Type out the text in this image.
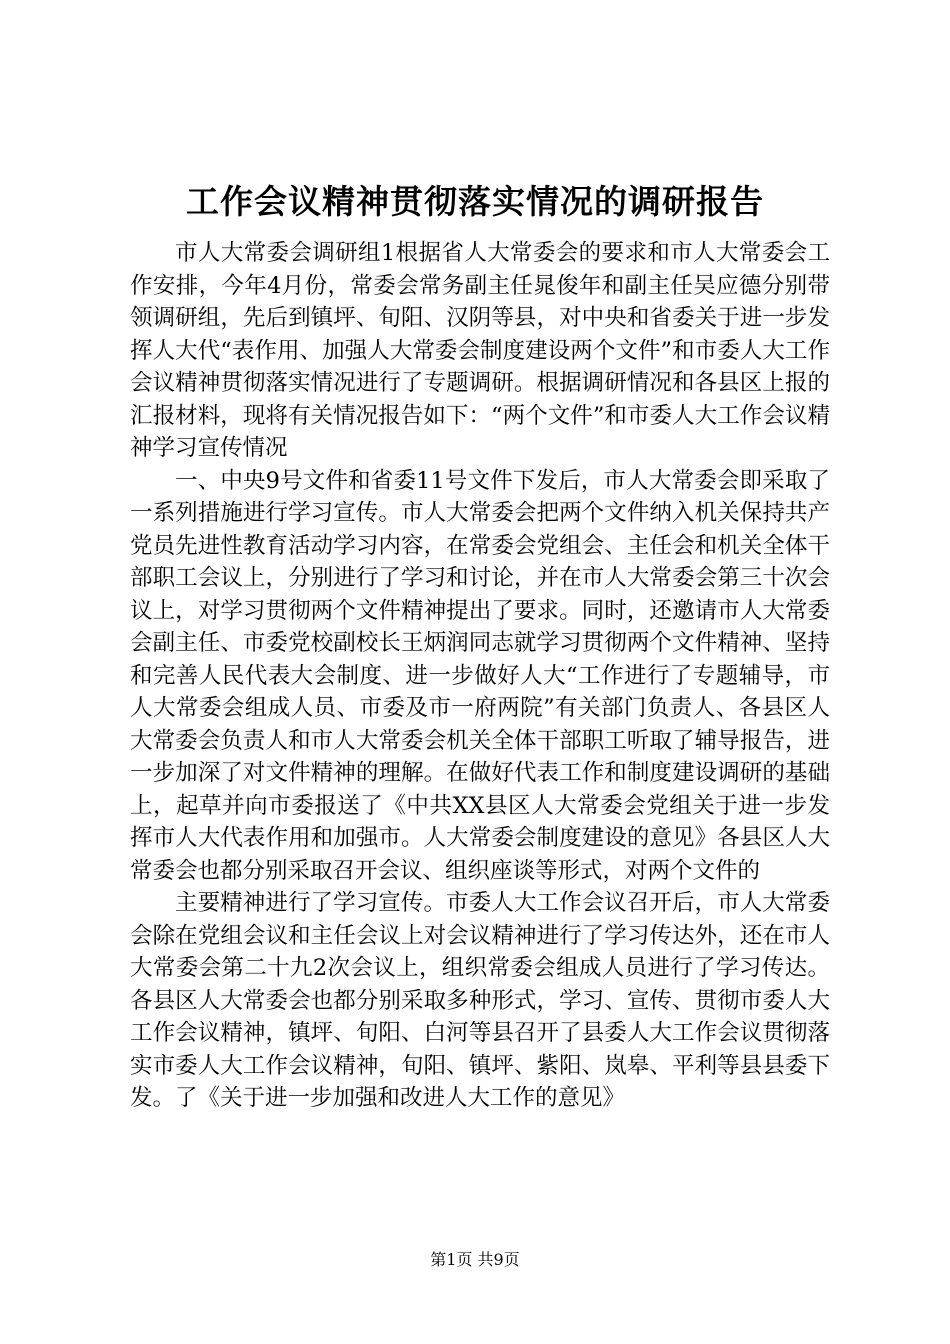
工作会议精神贯彻落实情况的调研报告

市人大常委会调研组1根据省人大常委会的要求和市人大常委会工作安排，今年4月份，常委会常务副主任晁俊年和副主任吴应德分别带领调研组，先后到镇坪、旬阳、汉阴等县，对中央和省委关于进一步发挥人大代“表作用、加强人大常委会制度建设两个文件”和市委人大工作会议精神贯彻落实情况进行了专题调研。根据调研情况和各县区上报的汇报材料，现将有关情况报告如下：“两个文件”和市委人大工作会议精神学习宣传情况

一、中央9号文件和省委11号文件下发后，市人大常委会即采取了一系列措施进行学习宣传。市人大常委会把两个文件纳入机关保持共产党员先进性教育活动学习内容，在常委会党组会、主任会和机关全体干部职工会议上，分别进行了学习和讨论，并在市人大常委会第三十次会议上，对学习贯彻两个文件精神提出了要求。同时，还邀请市人大常委会副主任、市委党校副校长王炳润同志就学习贯彻两个文件精神、坚持和完善人民代表大会制度、进一步做好人大“工作进行了专题辅导，市人大常委会组成人员、市委及市一府两院”有关部门负责人、各县区人大常委会负责人和市人大常委会机关全体干部职工听取了辅导报告，进一步加深了对文件精神的理解。在做好代表工作和制度建设调研的基础上，起草并向市委报送了《中共XX县区人大常委会党组关于进一步发挥市人大代表作用和加强市。人大常委会制度建设的意见》各县区人大常委会也都分别采取召开会议、组织座谈等形式，对两个文件的

主要精神进行了学习宣传。市委人大工作会议召开后，市人大常委会除在党组会议和主任会议上对会议精神进行了学习传达外，还在市人大常委会第二十九2次会议上，组织常委会组成人员进行了学习传达。各县区人大常委会也都分别采取多种形式，学习、宣传、贯彻市委人大工作会议精神，镇坪、旬阳、白河等县召开了县委人大工作会议贯彻落实市委人大工作会议精神，旬阳、镇坪、紫阳、岚皋、平利等县县委下发。了《关于进一步加强和改进人大工作的意见》

第1页 共9页
